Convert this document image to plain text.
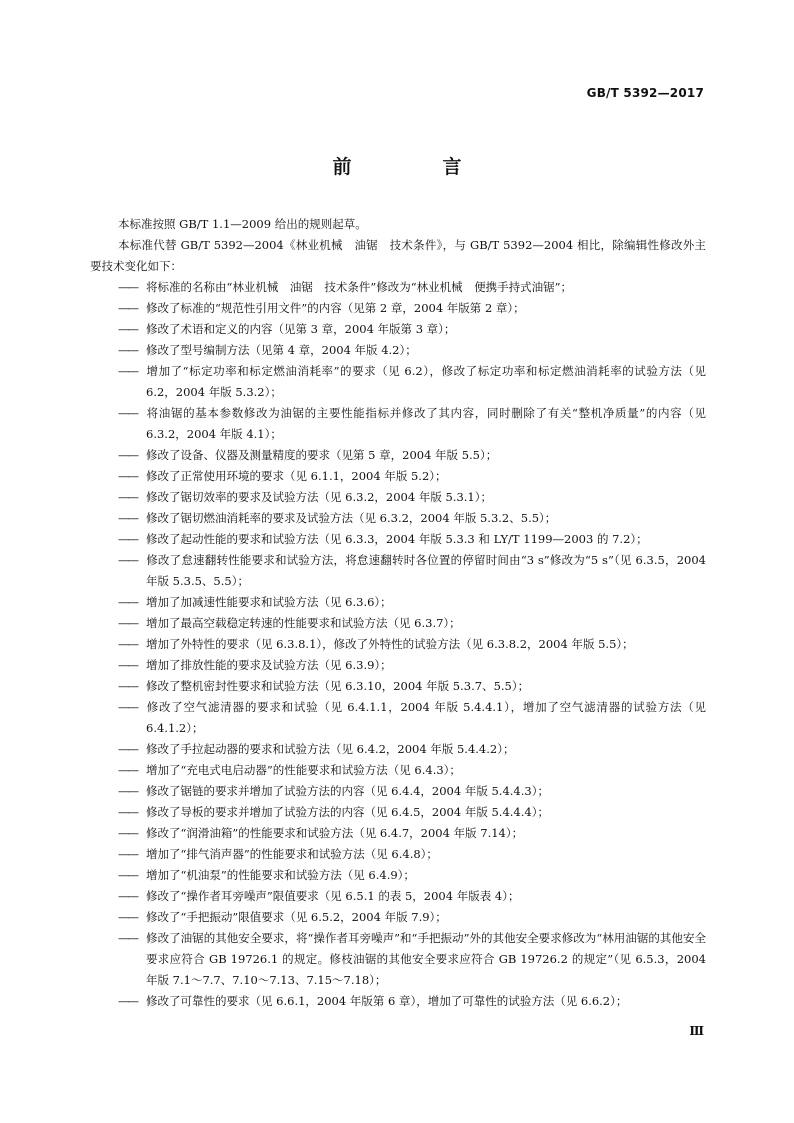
GB/T 5392—2017
前　言
本标准按照 GB/T 1.1—2009 给出的规则起草。
本标准代替 GB/T 5392—2004《林业机械　油锯　技术条件》，与 GB/T 5392—2004 相比，除编辑性修改外主要技术变化如下：
—— 将标准的名称由“林业机械　油锯　技术条件”修改为“林业机械　便携手持式油锯”；
—— 修改了标准的“规范性引用文件”的内容（见第 2 章，2004 年版第 2 章）；
—— 修改了术语和定义的内容（见第 3 章，2004 年版第 3 章）；
—— 修改了型号编制方法（见第 4 章，2004 年版 4.2）；
—— 增加了“标定功率和标定燃油消耗率”的要求（见 6.2），修改了标定功率和标定燃油消耗率的试验方法（见 6.2，2004 年版 5.3.2）；
—— 将油锯的基本参数修改为油锯的主要性能指标并修改了其内容，同时删除了有关“整机净质量”的内容（见 6.3.2，2004 年版 4.1）；
—— 修改了设备、仪器及测量精度的要求（见第 5 章，2004 年版 5.5）；
—— 修改了正常使用环境的要求（见 6.1.1，2004 年版 5.2）；
—— 修改了锯切效率的要求及试验方法（见 6.3.2，2004 年版 5.3.1）；
—— 修改了锯切燃油消耗率的要求及试验方法（见 6.3.2，2004 年版 5.3.2、5.5）；
—— 修改了起动性能的要求和试验方法（见 6.3.3，2004 年版 5.3.3 和 LY/T 1199—2003 的 7.2）；
—— 修改了怠速翻转性能要求和试验方法，将怠速翻转时各位置的停留时间由“3 s”修改为“5 s”（见 6.3.5，2004 年版 5.3.5、5.5）；
—— 增加了加减速性能要求和试验方法（见 6.3.6）；
—— 增加了最高空载稳定转速的性能要求和试验方法（见 6.3.7）；
—— 增加了外特性的要求（见 6.3.8.1），修改了外特性的试验方法（见 6.3.8.2，2004 年版 5.5）；
—— 增加了排放性能的要求及试验方法（见 6.3.9）；
—— 修改了整机密封性要求和试验方法（见 6.3.10，2004 年版 5.3.7、5.5）；
—— 修改了空气滤清器的要求和试验（见 6.4.1.1，2004 年版 5.4.4.1），增加了空气滤清器的试验方法（见 6.4.1.2）；
—— 修改了手拉起动器的要求和试验方法（见 6.4.2，2004 年版 5.4.4.2）；
—— 增加了“充电式电启动器”的性能要求和试验方法（见 6.4.3）；
—— 修改了锯链的要求并增加了试验方法的内容（见 6.4.4，2004 年版 5.4.4.3）；
—— 修改了导板的要求并增加了试验方法的内容（见 6.4.5，2004 年版 5.4.4.4）；
—— 修改了“润滑油箱”的性能要求和试验方法（见 6.4.7，2004 年版 7.14）；
—— 增加了“排气消声器”的性能要求和试验方法（见 6.4.8）；
—— 增加了“机油泵”的性能要求和试验方法（见 6.4.9）；
—— 修改了“操作者耳旁噪声”限值要求（见 6.5.1 的表 5，2004 年版表 4）；
—— 修改了“手把振动”限值要求（见 6.5.2，2004 年版 7.9）；
—— 修改了油锯的其他安全要求，将“操作者耳旁噪声”和“手把振动”外的其他安全要求修改为“林用油锯的其他安全要求应符合 GB 19726.1 的规定。修枝油锯的其他安全要求应符合 GB 19726.2 的规定”（见 6.5.3，2004 年版 7.1～7.7、7.10～7.13、7.15～7.18）；
—— 修改了可靠性的要求（见 6.6.1，2004 年版第 6 章），增加了可靠性的试验方法（见 6.6.2）；
Ⅲ
